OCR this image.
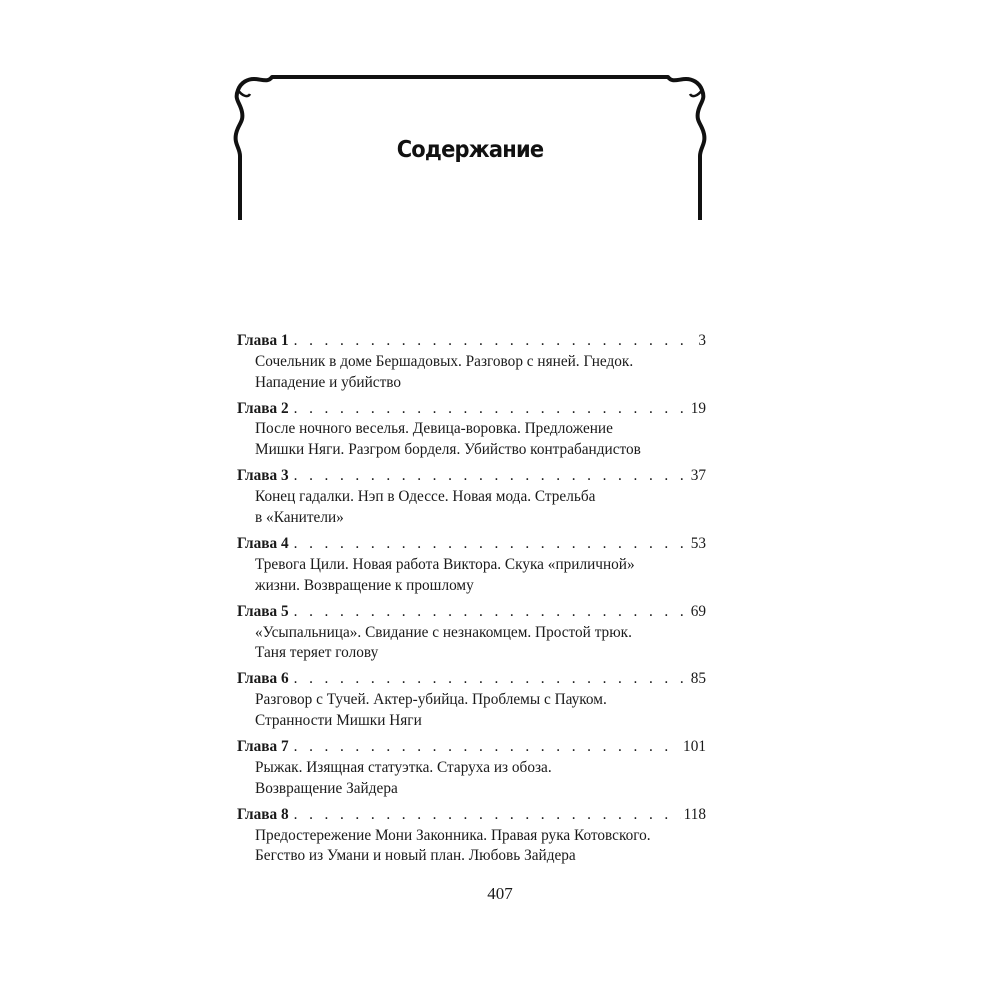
Содержание
Глава 1 . . .	3
Сочельник в доме Бершадовых. Разговор с няней. Гнедок.
Нападение и убийство
Глава 2 . . .	19
После ночного веселья. Девица-воровка. Предложение
Мишки Няги. Разгром борделя. Убийство контрабандистов
Глава 3 . . .	37
Конец гадалки. Нэп в Одессе. Новая мода. Стрельба
в «Канители»
Глава 4 . . .	53
Тревога Цили. Новая работа Виктора. Скука «приличной»
жизни. Возвращение к прошлому
Глава 5 . . .	69
«Усыпальница». Свидание с незнакомцем. Простой трюк.
Таня теряет голову
Глава 6 . . .	85
Разговор с Тучей. Актер-убийца. Проблемы с Пауком.
Странности Мишки Няги
Глава 7 . . .	101
Рыжак. Изящная статуэтка. Старуха из обоза.
Возвращение Зайдера
Глава 8 . . .	118
Предостережение Мони Законника. Правая рука Котовского.
Бегство из Умани и новый план. Любовь Зайдера
407
